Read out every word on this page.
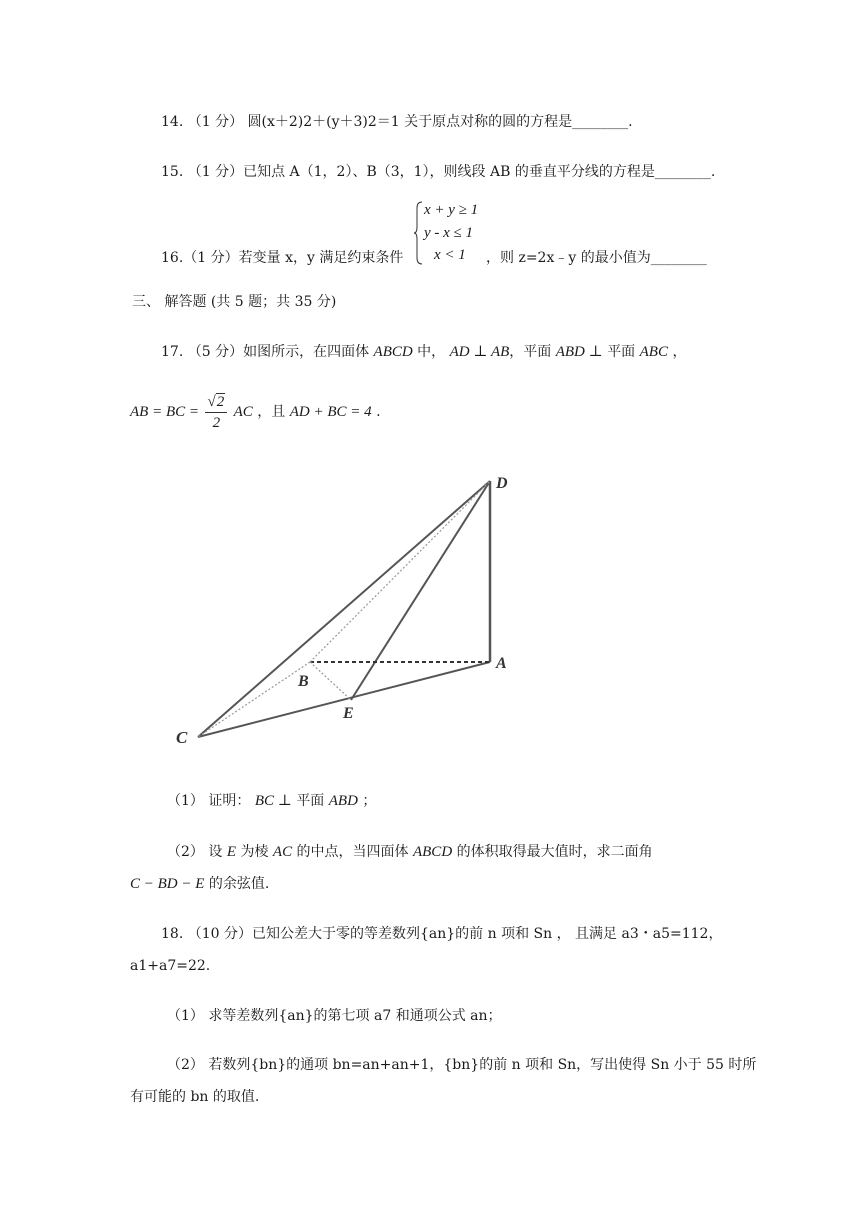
14. （1 分） 圆(x＋2)2＋(y＋3)2＝1 关于原点对称的圆的方程是________.
15. （1 分）已知点 A（1，2）、B（3，1），则线段 AB 的垂直平分线的方程是________.
16.（1 分）若变量 x，y 满足约束条件
x + y ≥ 1
y - x ≤ 1
x < 1 ，则 z=2x﹣y 的最小值为________
三、 解答题 (共 5 题；共 35 分)
17. （5 分）如图所示，在四面体 ABCD 中， AD ⊥ AB，平面 ABD ⊥ 平面 ABC ，
AB = BC = $\frac{√2}{2}$ AC ，且 AD + BC = 4 .
D
A
B
E
C
（1） 证明： BC ⊥ 平面 ABD ；
（2） 设 E 为棱 AC 的中点，当四面体 ABCD 的体积取得最大值时，求二面角
C − BD − E 的余弦值.
18. （10 分）已知公差大于零的等差数列{an}的前 n 项和 Sn ， 且满足 a3・a5=112，
a1+a7=22.
（1） 求等差数列{an}的第七项 a7 和通项公式 an；
（2） 若数列{bn}的通项 bn=an+an+1，{bn}的前 n 项和 Sn，写出使得 Sn 小于 55 时所
有可能的 bn 的取值.
